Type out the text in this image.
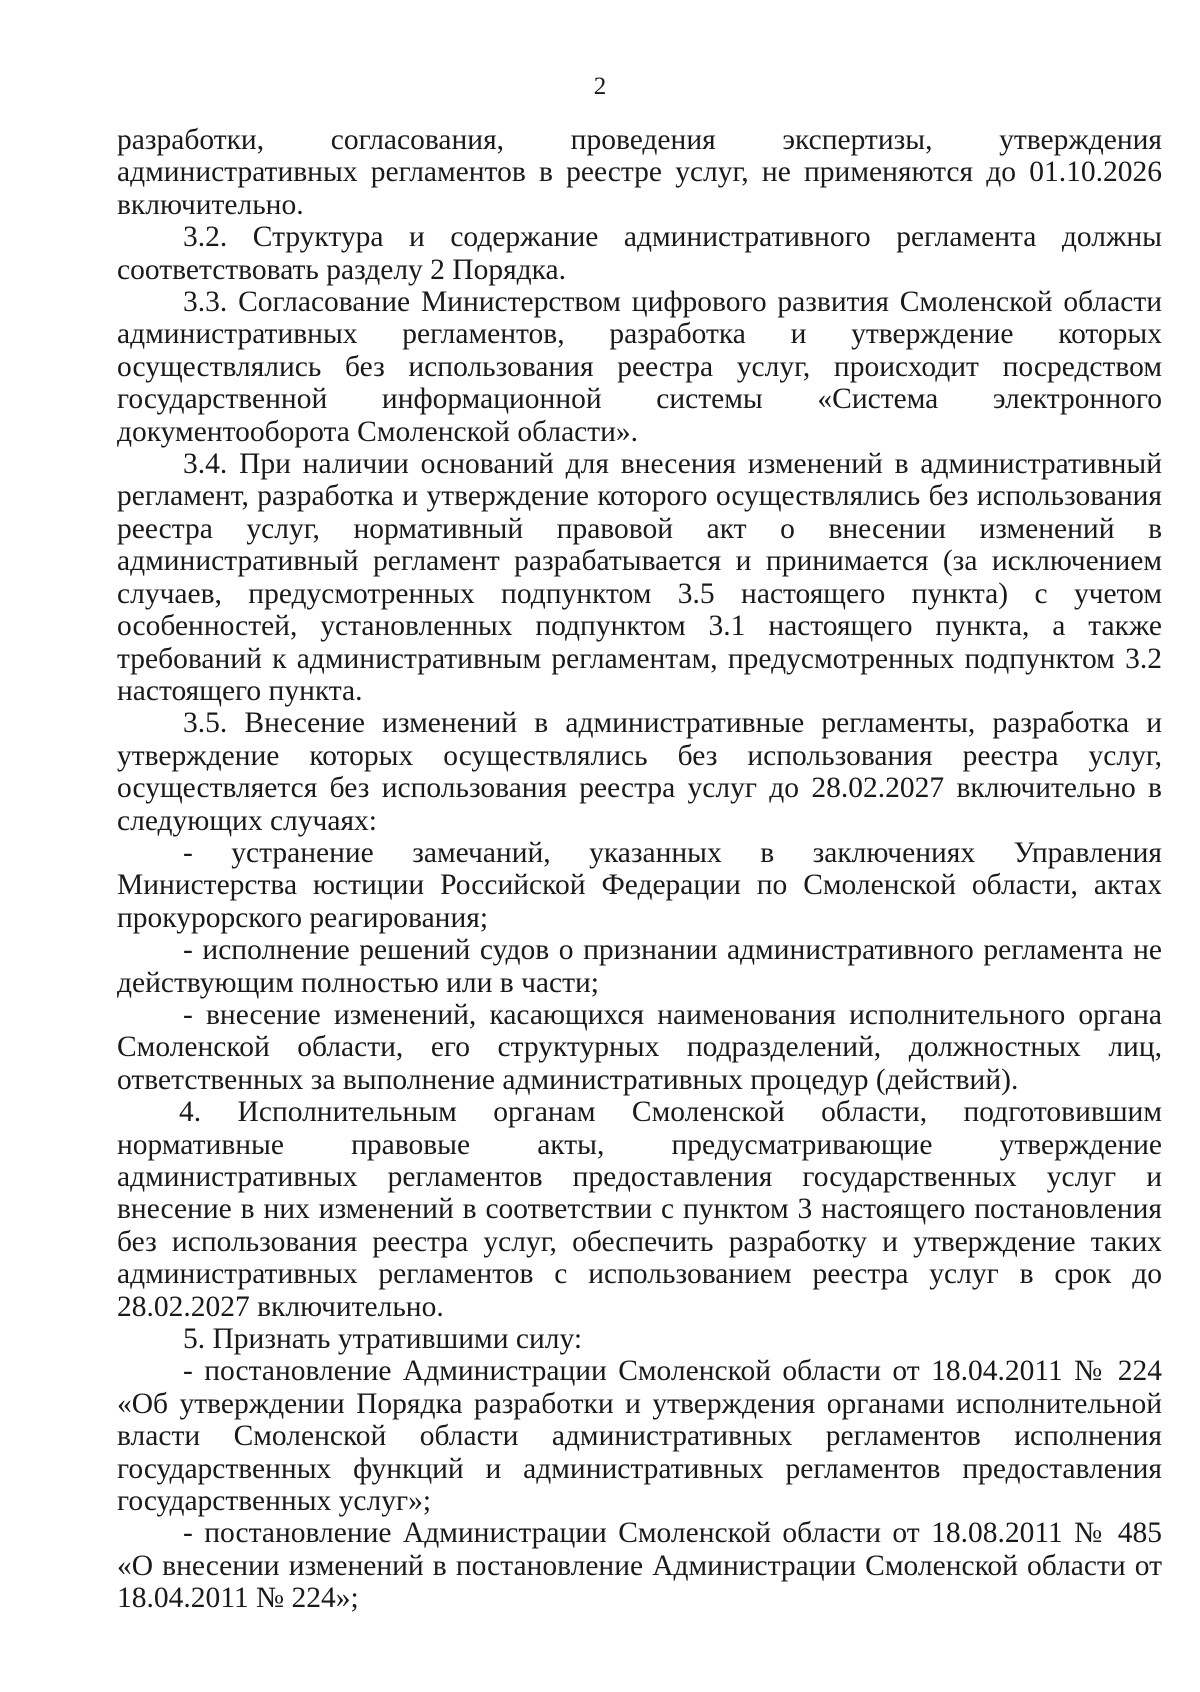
2

разработки, согласования, проведения экспертизы, утверждения административных регламентов в реестре услуг, не применяются до 01.10.2026 включительно.

3.2. Структура и содержание административного регламента должны соответствовать разделу 2 Порядка.

3.3. Согласование Министерством цифрового развития Смоленской области административных регламентов, разработка и утверждение которых осуществлялись без использования реестра услуг, происходит посредством государственной информационной системы «Система электронного документооборота Смоленской области».

3.4. При наличии оснований для внесения изменений в административный регламент, разработка и утверждение которого осуществлялись без использования реестра услуг, нормативный правовой акт о внесении изменений в административный регламент разрабатывается и принимается (за исключением случаев, предусмотренных подпунктом 3.5 настоящего пункта) с учетом особенностей, установленных подпунктом 3.1 настоящего пункта, а также требований к административным регламентам, предусмотренных подпунктом 3.2 настоящего пункта.

3.5. Внесение изменений в административные регламенты, разработка и утверждение которых осуществлялись без использования реестра услуг, осуществляется без использования реестра услуг до 28.02.2027 включительно в следующих случаях:

- устранение замечаний, указанных в заключениях Управления Министерства юстиции Российской Федерации по Смоленской области, актах прокурорского реагирования;

- исполнение решений судов о признании административного регламента не действующим полностью или в части;

- внесение изменений, касающихся наименования исполнительного органа Смоленской области, его структурных подразделений, должностных лиц, ответственных за выполнение административных процедур (действий).

4. Исполнительным органам Смоленской области, подготовившим нормативные правовые акты, предусматривающие утверждение административных регламентов предоставления государственных услуг и внесение в них изменений в соответствии с пунктом 3 настоящего постановления без использования реестра услуг, обеспечить разработку и утверждение таких административных регламентов с использованием реестра услуг в срок до 28.02.2027 включительно.

5. Признать утратившими силу:

- постановление Администрации Смоленской области от 18.04.2011 № 224 «Об утверждении Порядка разработки и утверждения органами исполнительной власти Смоленской области административных регламентов исполнения государственных функций и административных регламентов предоставления государственных услуг»;

- постановление Администрации Смоленской области от 18.08.2011 № 485 «О внесении изменений в постановление Администрации Смоленской области от 18.04.2011 № 224»;
